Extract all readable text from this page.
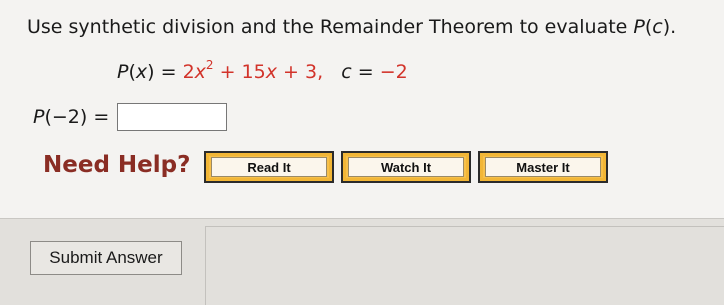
Use synthetic division and the Remainder Theorem to evaluate P(c).
$P(x) = 2x^2 + 15x + 3$, c = −2
P (−2)
=
Need Help?	Read It	Watch It	Master It
Submit Answer
